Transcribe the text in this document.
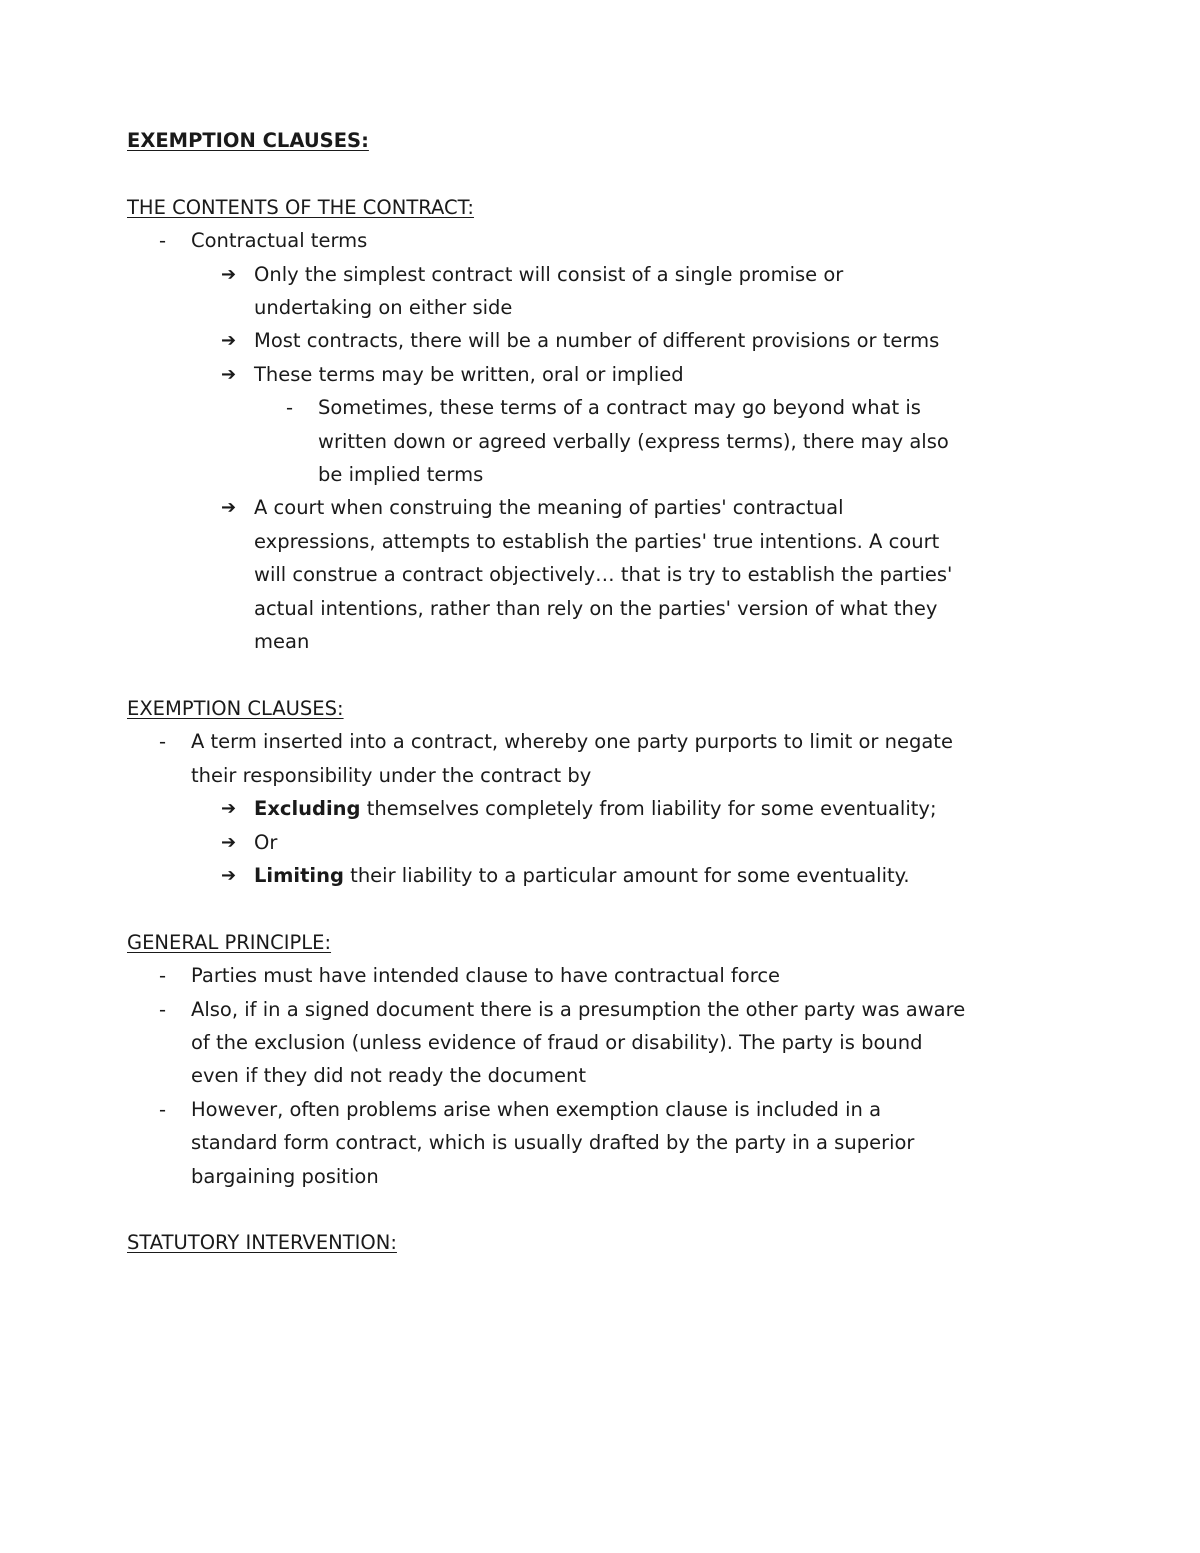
EXEMPTION CLAUSES:

THE CONTENTS OF THE CONTRACT:

- Contractual terms
➔ Only the simplest contract will consist of a single promise or undertaking on either side
➔ Most contracts, there will be a number of different provisions or terms
➔ These terms may be written, oral or implied
- Sometimes, these terms of a contract may go beyond what is written down or agreed verbally (express terms), there may also be implied terms
➔ A court when construing the meaning of parties' contractual expressions, attempts to establish the parties' true intentions. A court will construe a contract objectively… that is try to establish the parties' actual intentions, rather than rely on the parties' version of what they mean

EXEMPTION CLAUSES:

- A term inserted into a contract, whereby one party purports to limit or negate their responsibility under the contract by
➔ Excluding themselves completely from liability for some eventuality;
➔ Or
➔ Limiting their liability to a particular amount for some eventuality.

GENERAL PRINCIPLE:

- Parties must have intended clause to have contractual force
- Also, if in a signed document there is a presumption the other party was aware of the exclusion (unless evidence of fraud or disability). The party is bound even if they did not ready the document
- However, often problems arise when exemption clause is included in a standard form contract, which is usually drafted by the party in a superior bargaining position

STATUTORY INTERVENTION:
